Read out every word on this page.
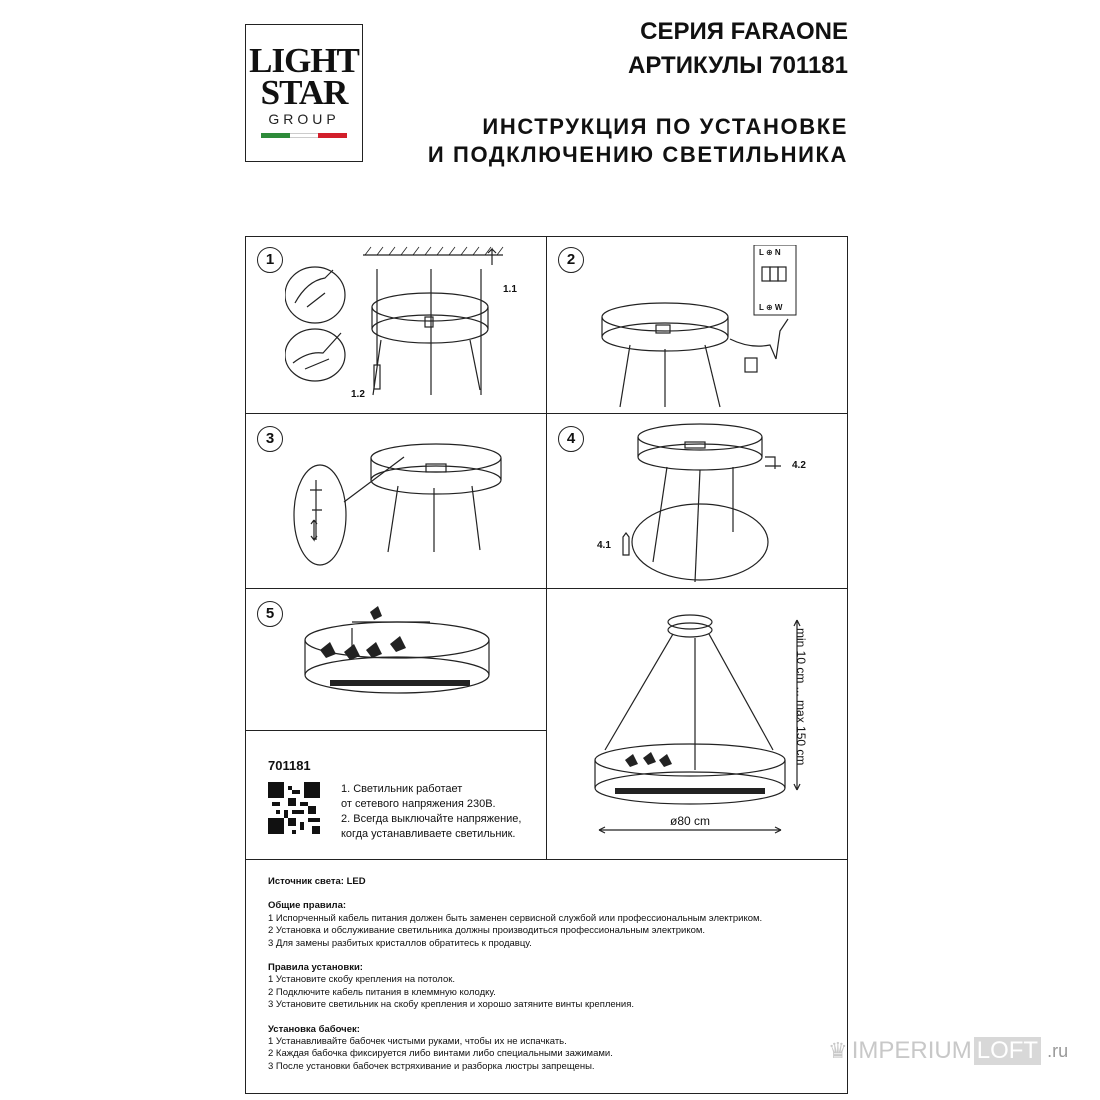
LIGHT
STAR
GROUP
СЕРИЯ FARAONE
АРТИКУЛЫ 701181
ИНСТРУКЦИЯ ПО УСТАНОВКЕ
И ПОДКЛЮЧЕНИЮ СВЕТИЛЬНИКА
1	2
3	4
5
1.1
1.2
L ⊕ N
L ⊕ W
4.2
4.1
ø80 cm
min 10 cm ... max 150 cm
701181
1. Светильник работает
от сетевого напряжения 230В.
2. Всегда выключайте напряжение,
когда устанавливаете светильник.
Источник света: LED
Общие правила:
1 Испорченный кабель питания должен быть заменен сервисной службой или профессиональным электриком.
2 Установка и обслуживание светильника должны производиться профессиональным электриком.
3 Для замены разбитых кристаллов обратитесь к продавцу.
Правила установки:
1 Установите скобу крепления на потолок.
2 Подключите кабель питания в клеммную колодку.
3 Установите светильник на скобу крепления и хорошо затяните винты крепления.
Установка бабочек:
1 Устанавливайте бабочек чистыми руками, чтобы их не испачкать.
2 Каждая бабочка фиксируется либо винтами либо специальными зажимами.
3 После установки бабочек встряхивание и разборка люстры запрещены.
♛ IMPERIUM LOFT .ru
